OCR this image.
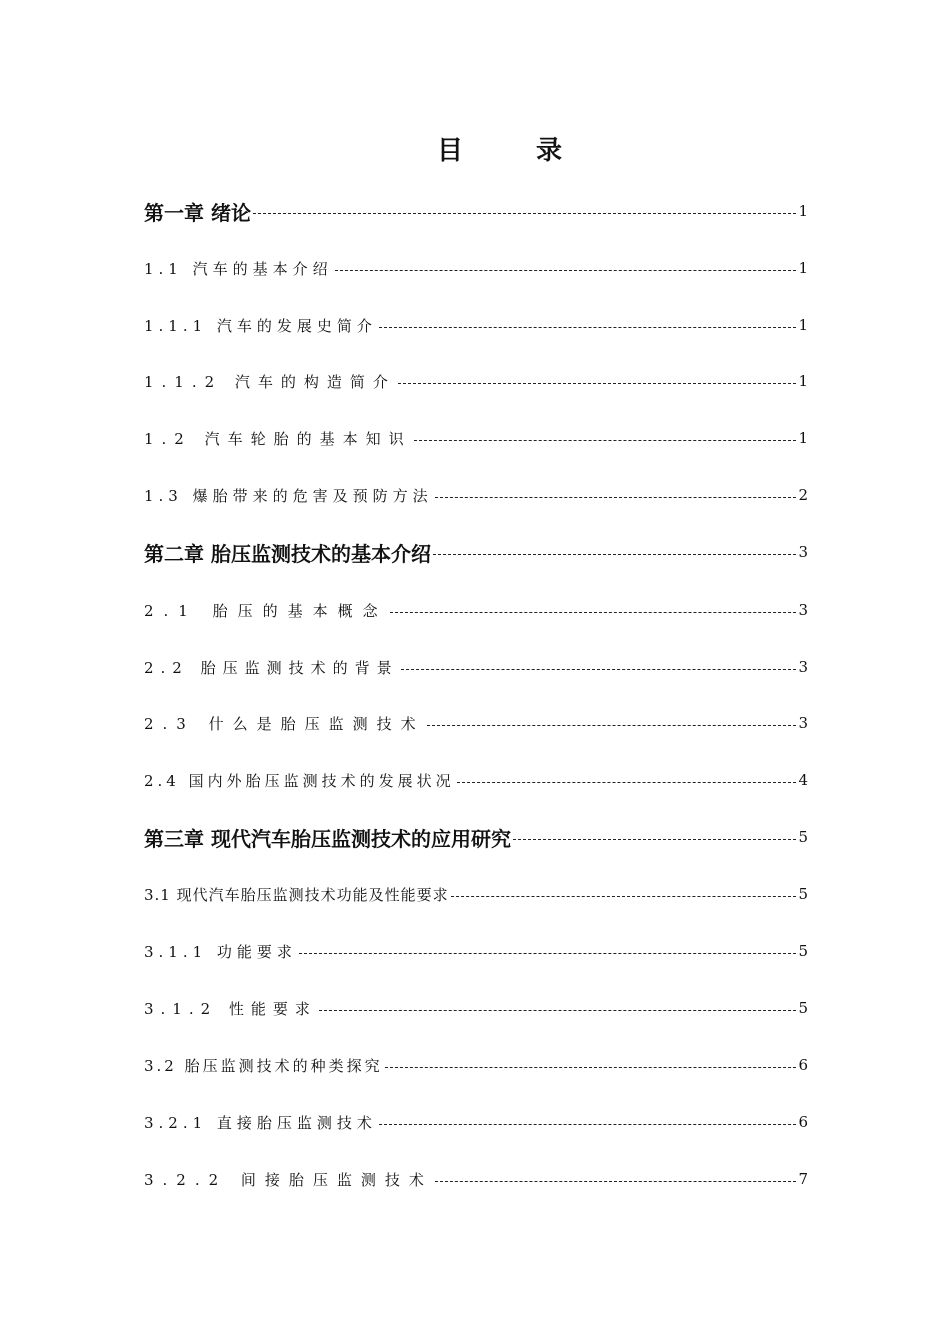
目	录
第一章 绪论	1
1.1 汽车的基本介绍	1
1.1.1 汽车的发展史简介	1
1.1.2 汽车的构造简介	1
1.2 汽车轮胎的基本知识	1
1.3 爆胎带来的危害及预防方法	2
第二章 胎压监测技术的基本介绍	3
2.1 胎压的基本概念	3
2.2 胎压监测技术的背景	3
2.3 什么是胎压监测技术	3
2.4 国内外胎压监测技术的发展状况	4
第三章 现代汽车胎压监测技术的应用研究	5
3.1 现代汽车胎压监测技术功能及性能要求	5
3.1.1 功能要求	5
3.1.2 性能要求	5
3.2 胎压监测技术的种类探究	6
3.2.1 直接胎压监测技术	6
3.2.2 间接胎压监测技术	7
